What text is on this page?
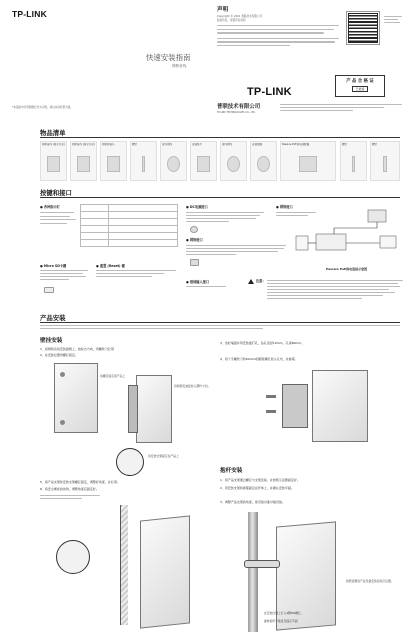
TP-LINK
快速安装指南
网桥音线
*本指南中所用图像仅作为示例，请以实际机型为准。
声明
Copyright © 2021 普联技术有限公司
版权所有，保留所有权利
TP-LINK
产 品 合 格 证
已检验
普联技术有限公司
TP-LINK TECHNOLOGIES CO., LTD.
物品清单
网桥音线 (防水外壳)	网桥音线 (防水外壳)	网桥转接头	螺钉	室外网线	安装垫片	室内网线	安装垫圈	Passive PoE供电适配器	螺钉	螺钉
按键和接口
● 各种指示灯

● Micro SD卡槽	● 重置 (Reset) 键
● DC电源接口
● 网络接口
● 接地输入接口
● 网络接口
Passive PoE供电连接示意图
注意：
产品安装
壁挂安装
1、将网桥音线安装面朝上，按标志方向，用螺丝刀拧紧
2、在安装位置用螺钉固定。
将螺钉固定到产品上
将网桥安装座放入塑料卡扣。
将安装支架固定在产品上
5、将产品支架和安装支架螺钉固定，调整好角度，并拧紧。
6、将安全绳索的挂钩，调整角度后固定好。
3、选好墙面并用安装面打孔，钻孔直径10mm，孔深60mm。
4、将十字螺丝刀和60mm的膨胀螺钉放入孔内，并旋紧。
抱杆安装
1、将产品支架通过螺钉与支架连接，并按照示意图固定好。
2、用安装支架和抱箍固定在杆体上，并确认安装牢固。
3、调整产品支架的角度，使设备对准对端设备。
在安装位置上拧入4颗M4螺钉，
旋转抱杆卡箍直至固定牢固
按照需要将产品设备安装到对应位置。
